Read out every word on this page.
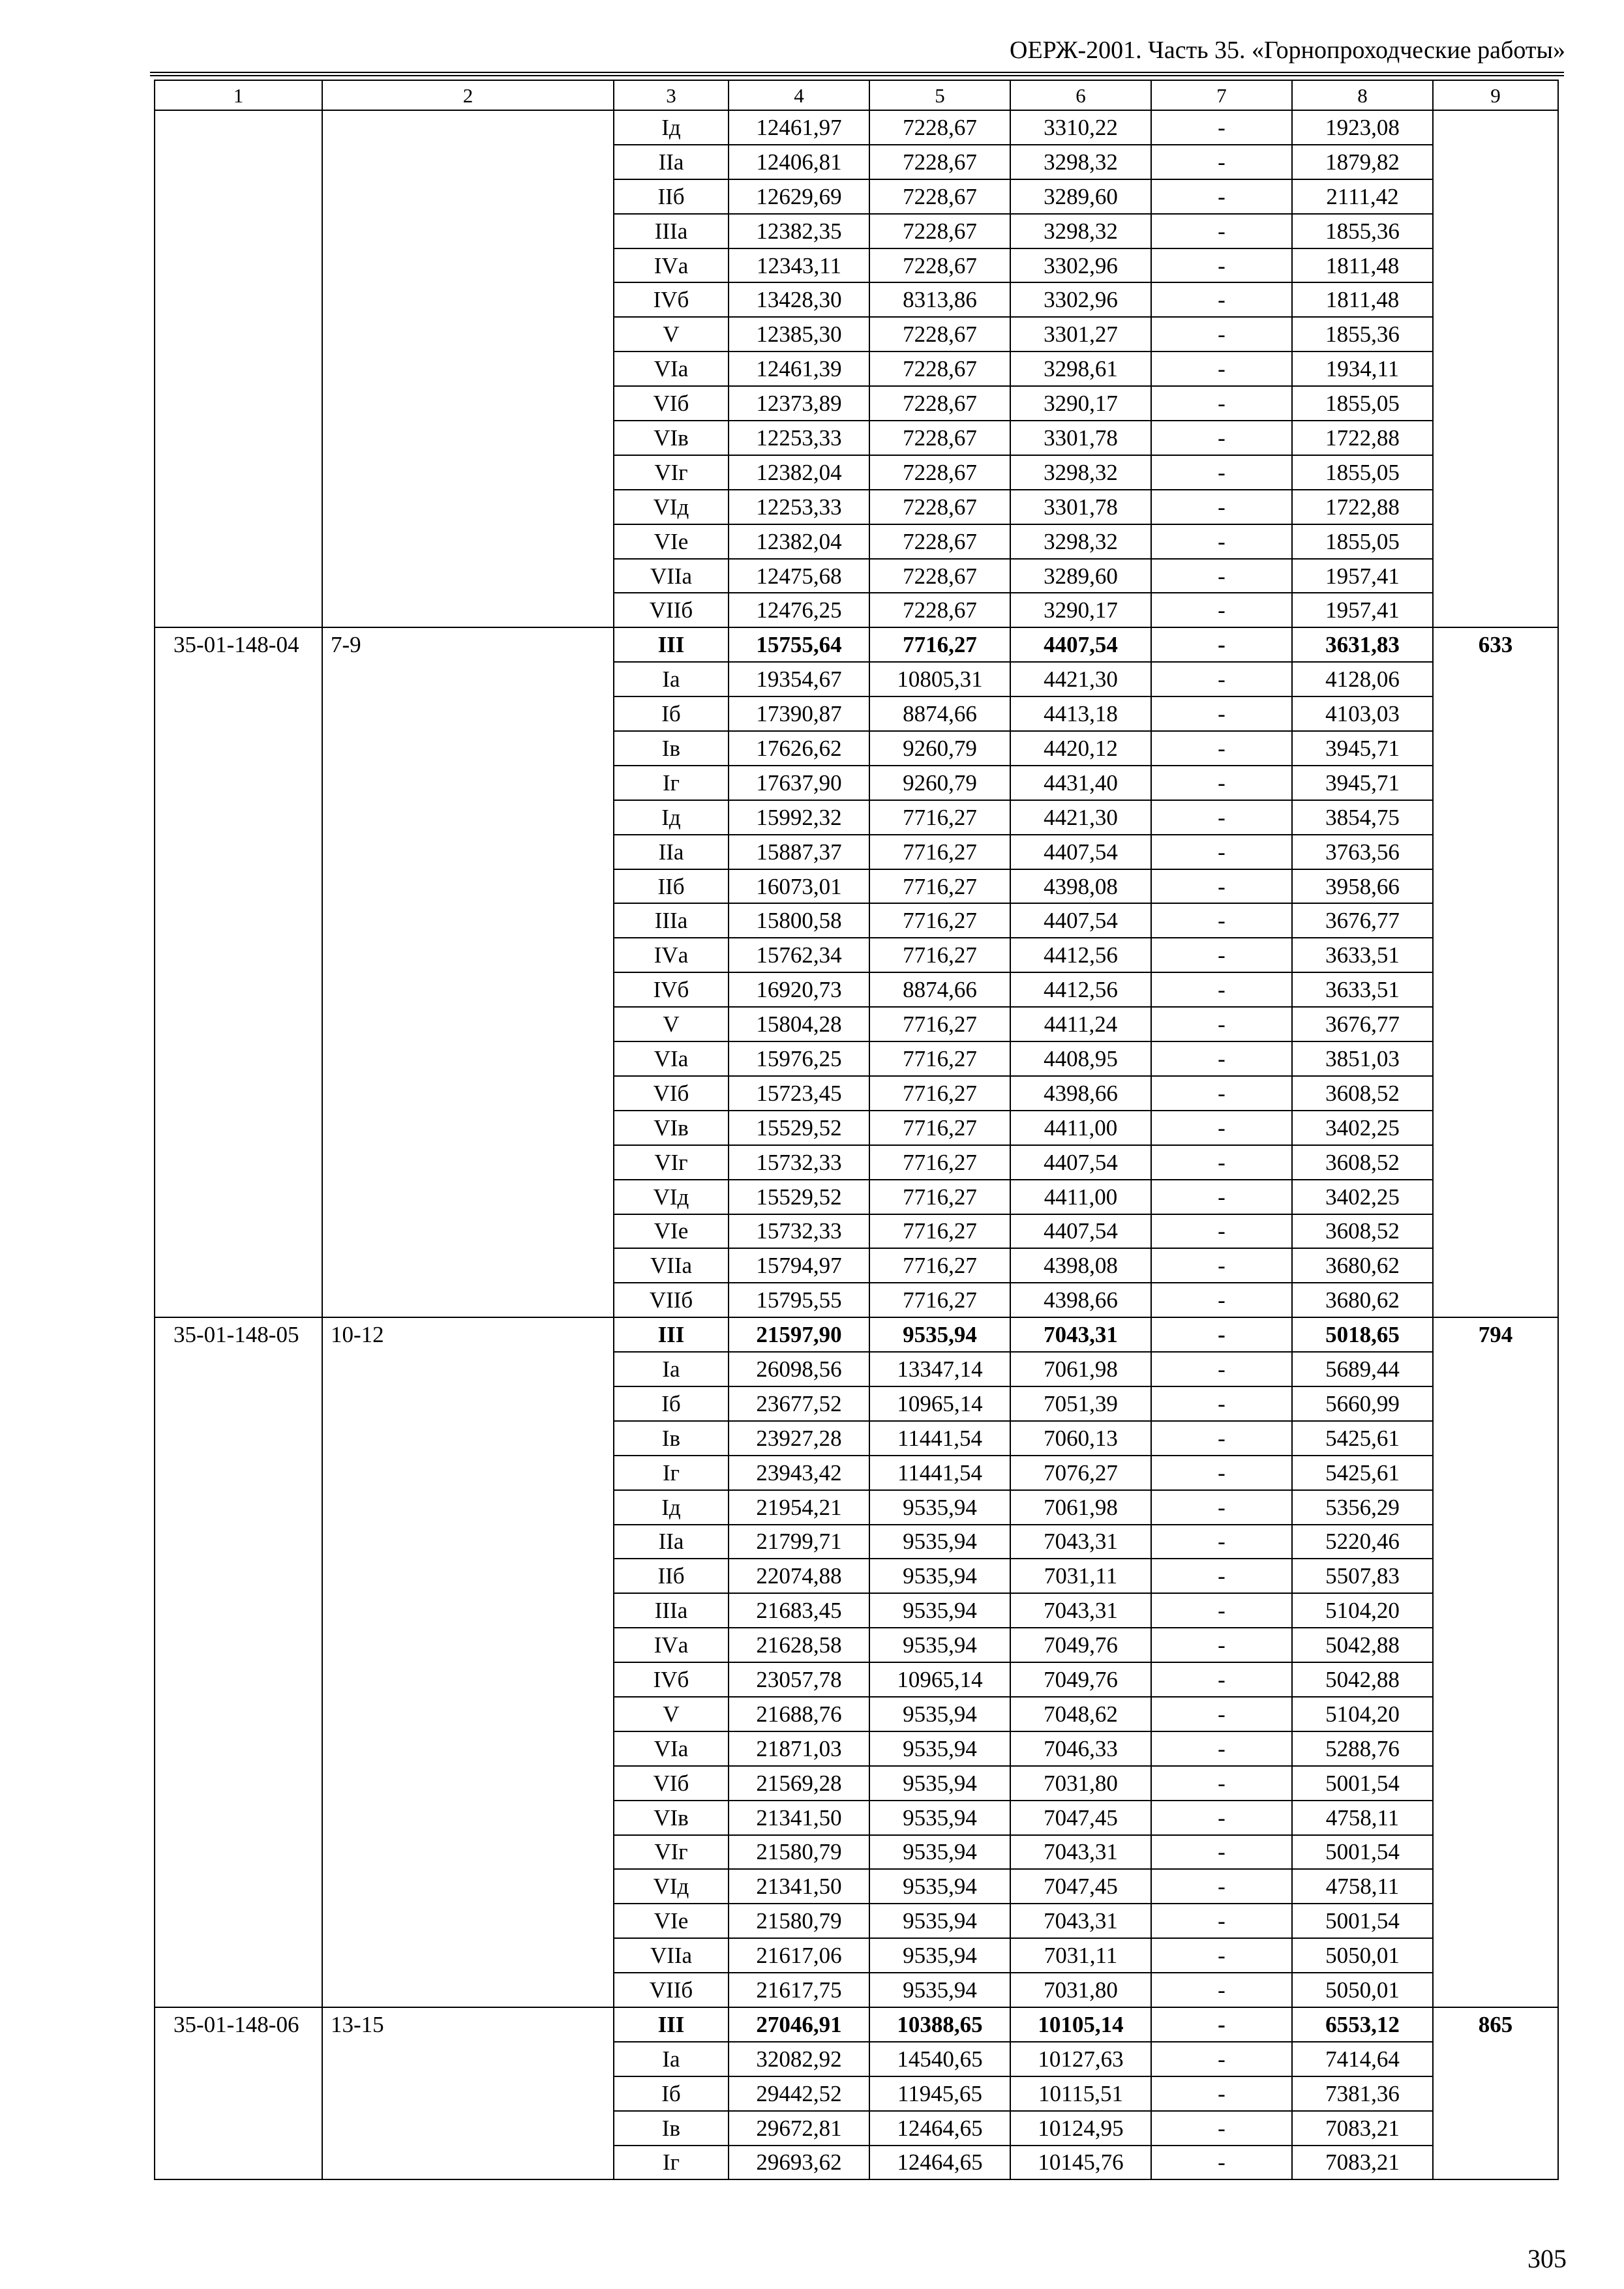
ОЕРЖ-2001. Часть 35. «Горнопроходческие работы»
1	2	3	4	5	6	7	8	9
		Iд	12461,97	7228,67	3310,22	-	1923,08	
		IIа	12406,81	7228,67	3298,32	-	1879,82	
		IIб	12629,69	7228,67	3289,60	-	2111,42	
		IIIа	12382,35	7228,67	3298,32	-	1855,36	
		IVа	12343,11	7228,67	3302,96	-	1811,48	
		IVб	13428,30	8313,86	3302,96	-	1811,48	
		V	12385,30	7228,67	3301,27	-	1855,36	
		VIа	12461,39	7228,67	3298,61	-	1934,11	
		VIб	12373,89	7228,67	3290,17	-	1855,05	
		VIв	12253,33	7228,67	3301,78	-	1722,88	
		VIг	12382,04	7228,67	3298,32	-	1855,05	
		VIд	12253,33	7228,67	3301,78	-	1722,88	
		VIе	12382,04	7228,67	3298,32	-	1855,05	
		VIIа	12475,68	7228,67	3289,60	-	1957,41	
		VIIб	12476,25	7228,67	3290,17	-	1957,41	
35-01-148-04	7-9	III	15755,64	7716,27	4407,54	-	3631,83	633
		Iа	19354,67	10805,31	4421,30	-	4128,06	
		Iб	17390,87	8874,66	4413,18	-	4103,03	
		Iв	17626,62	9260,79	4420,12	-	3945,71	
		Iг	17637,90	9260,79	4431,40	-	3945,71	
		Iд	15992,32	7716,27	4421,30	-	3854,75	
		IIа	15887,37	7716,27	4407,54	-	3763,56	
		IIб	16073,01	7716,27	4398,08	-	3958,66	
		IIIа	15800,58	7716,27	4407,54	-	3676,77	
		IVа	15762,34	7716,27	4412,56	-	3633,51	
		IVб	16920,73	8874,66	4412,56	-	3633,51	
		V	15804,28	7716,27	4411,24	-	3676,77	
		VIа	15976,25	7716,27	4408,95	-	3851,03	
		VIб	15723,45	7716,27	4398,66	-	3608,52	
		VIв	15529,52	7716,27	4411,00	-	3402,25	
		VIг	15732,33	7716,27	4407,54	-	3608,52	
		VIд	15529,52	7716,27	4411,00	-	3402,25	
		VIе	15732,33	7716,27	4407,54	-	3608,52	
		VIIа	15794,97	7716,27	4398,08	-	3680,62	
		VIIб	15795,55	7716,27	4398,66	-	3680,62	
35-01-148-05	10-12	III	21597,90	9535,94	7043,31	-	5018,65	794
		Iа	26098,56	13347,14	7061,98	-	5689,44	
		Iб	23677,52	10965,14	7051,39	-	5660,99	
		Iв	23927,28	11441,54	7060,13	-	5425,61	
		Iг	23943,42	11441,54	7076,27	-	5425,61	
		Iд	21954,21	9535,94	7061,98	-	5356,29	
		IIа	21799,71	9535,94	7043,31	-	5220,46	
		IIб	22074,88	9535,94	7031,11	-	5507,83	
		IIIа	21683,45	9535,94	7043,31	-	5104,20	
		IVа	21628,58	9535,94	7049,76	-	5042,88	
		IVб	23057,78	10965,14	7049,76	-	5042,88	
		V	21688,76	9535,94	7048,62	-	5104,20	
		VIа	21871,03	9535,94	7046,33	-	5288,76	
		VIб	21569,28	9535,94	7031,80	-	5001,54	
		VIв	21341,50	9535,94	7047,45	-	4758,11	
		VIг	21580,79	9535,94	7043,31	-	5001,54	
		VIд	21341,50	9535,94	7047,45	-	4758,11	
		VIе	21580,79	9535,94	7043,31	-	5001,54	
		VIIа	21617,06	9535,94	7031,11	-	5050,01	
		VIIб	21617,75	9535,94	7031,80	-	5050,01	
35-01-148-06	13-15	III	27046,91	10388,65	10105,14	-	6553,12	865
		Iа	32082,92	14540,65	10127,63	-	7414,64	
		Iб	29442,52	11945,65	10115,51	-	7381,36	
		Iв	29672,81	12464,65	10124,95	-	7083,21	
		Iг	29693,62	12464,65	10145,76	-	7083,21	
305
